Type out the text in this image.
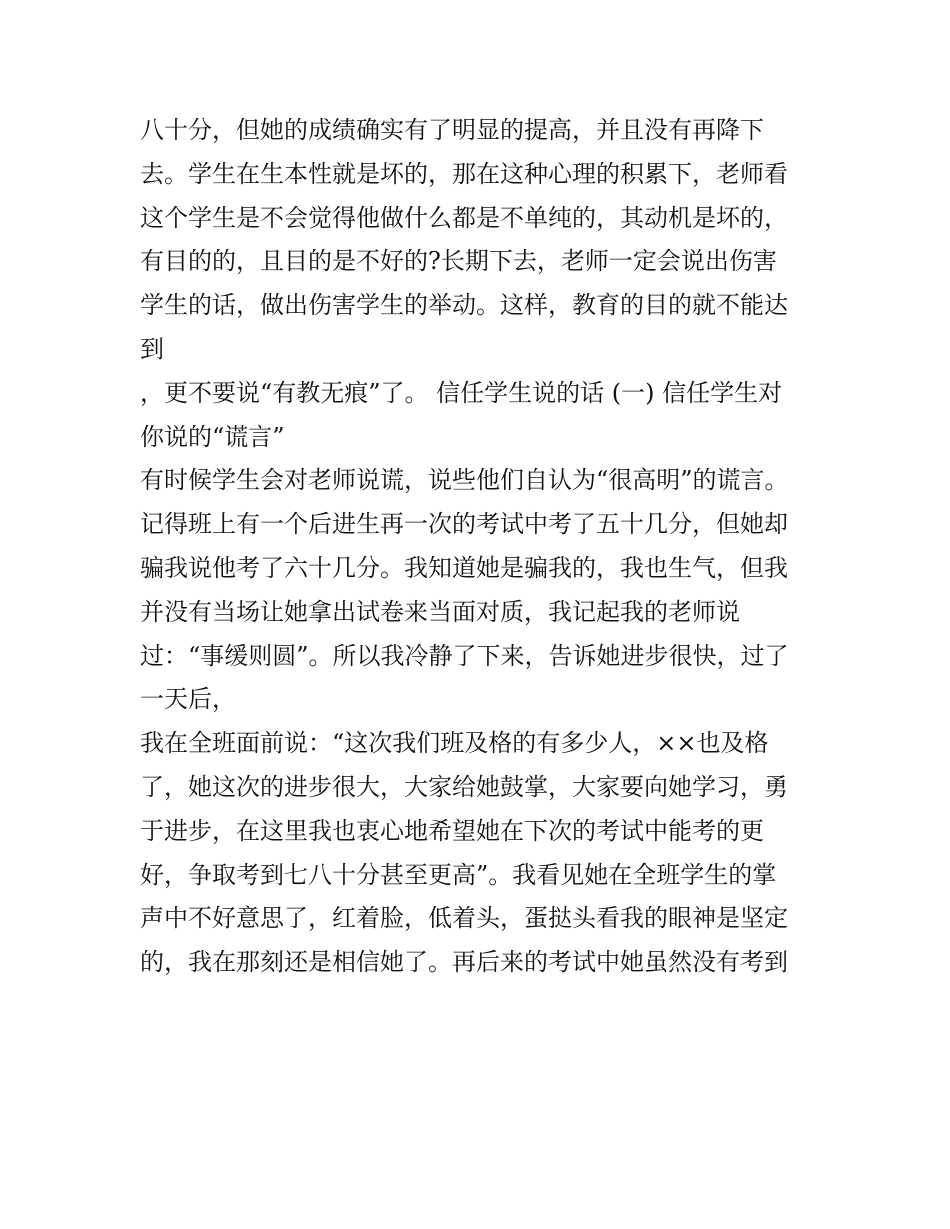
八十分，但她的成绩确实有了明显的提高，并且没有再降下
去。学生在生本性就是坏的，那在这种心理的积累下，老师看
这个学生是不会觉得他做什么都是不单纯的，其动机是坏的，
有目的的，且目的是不好的?长期下去，老师一定会说出伤害
学生的话，做出伤害学生的举动。这样，教育的目的就不能达
到
，更不要说“有教无痕”了。 信任学生说的话 (一) 信任学生对
你说的“谎言”
有时候学生会对老师说谎，说些他们自认为“很高明”的谎言。
记得班上有一个后进生再一次的考试中考了五十几分，但她却
骗我说他考了六十几分。我知道她是骗我的，我也生气，但我
并没有当场让她拿出试卷来当面对质，我记起我的老师说
过：“事缓则圆”。所以我冷静了下来，告诉她进步很快，过了
一天后，
我在全班面前说：“这次我们班及格的有多少人，××也及格
了，她这次的进步很大，大家给她鼓掌，大家要向她学习，勇
于进步，在这里我也衷心地希望她在下次的考试中能考的更
好，争取考到七八十分甚至更高”。我看见她在全班学生的掌
声中不好意思了，红着脸，低着头，蛋挞头看我的眼神是坚定
的，我在那刻还是相信她了。再后来的考试中她虽然没有考到
